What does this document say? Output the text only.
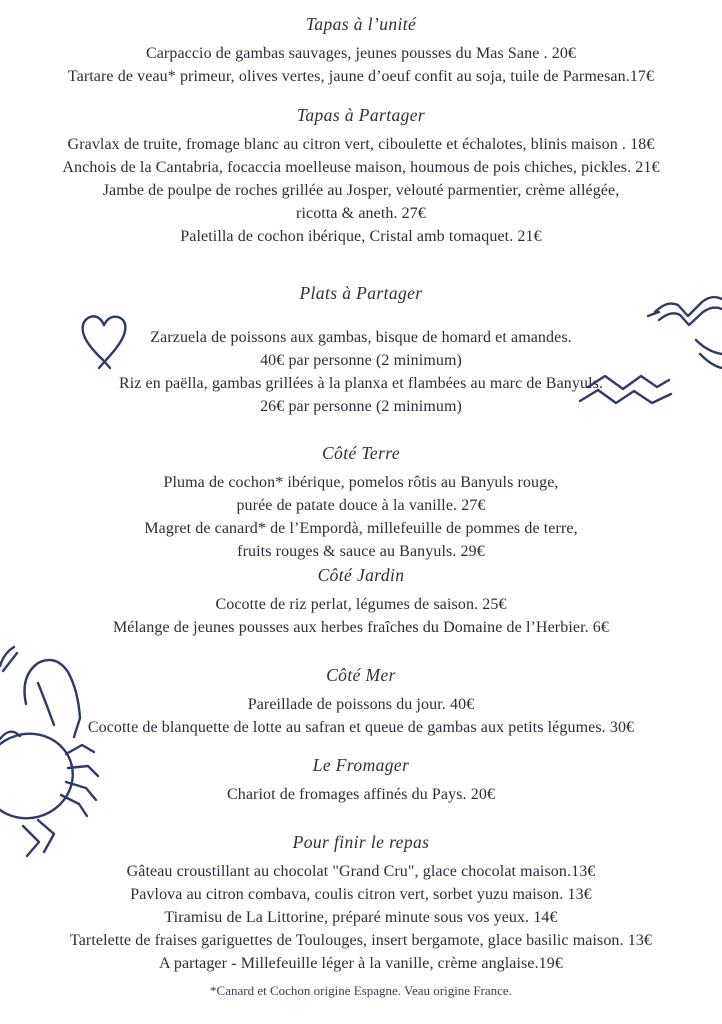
Tapas à l’unité

Carpaccio de gambas sauvages, jeunes pousses du Mas Sane . 20€

Tartare de veau* primeur, olives vertes, jaune d’oeuf confit au soja, tuile de Parmesan.17€

Tapas à Partager

Gravlax de truite, fromage blanc au citron vert, ciboulette et échalotes, blinis maison . 18€

Anchois de la Cantabria, focaccia moelleuse maison, houmous de pois chiches, pickles. 21€

Jambe de poulpe de roches grillée au Josper, velouté parmentier, crème allégée,

ricotta & aneth. 27€

Paletilla de cochon ibérique, Cristal amb tomaquet. 21€

Plats à Partager

Zarzuela de poissons aux gambas, bisque de homard et amandes.

40€ par personne (2 minimum)

Riz en paëlla, gambas grillées à la planxa et flambées au marc de Banyuls.

26€ par personne (2 minimum)

Côté Terre

Pluma de cochon* ibérique, pomelos rôtis au Banyuls rouge,

purée de patate douce à la vanille. 27€

Magret de canard* de l’Empordà, millefeuille de pommes de terre,

fruits rouges & sauce au Banyuls. 29€

Côté Jardin

Cocotte de riz perlat, légumes de saison. 25€

Mélange de jeunes pousses aux herbes fraîches du Domaine de l’Herbier. 6€

Côté Mer

Pareillade de poissons du jour. 40€

Cocotte de blanquette de lotte au safran et queue de gambas aux petits légumes. 30€

Le Fromager

Chariot de fromages affinés du Pays. 20€

Pour finir le repas

Gâteau croustillant au chocolat "Grand Cru", glace chocolat maison.13€

Pavlova au citron combava, coulis citron vert, sorbet yuzu maison. 13€

Tiramisu de La Littorine, préparé minute sous vos yeux. 14€

Tartelette de fraises gariguettes de Toulouges, insert bergamote, glace basilic maison. 13€

A partager - Millefeuille léger à la vanille, crème anglaise.19€

*Canard et Cochon origine Espagne. Veau origine France.
